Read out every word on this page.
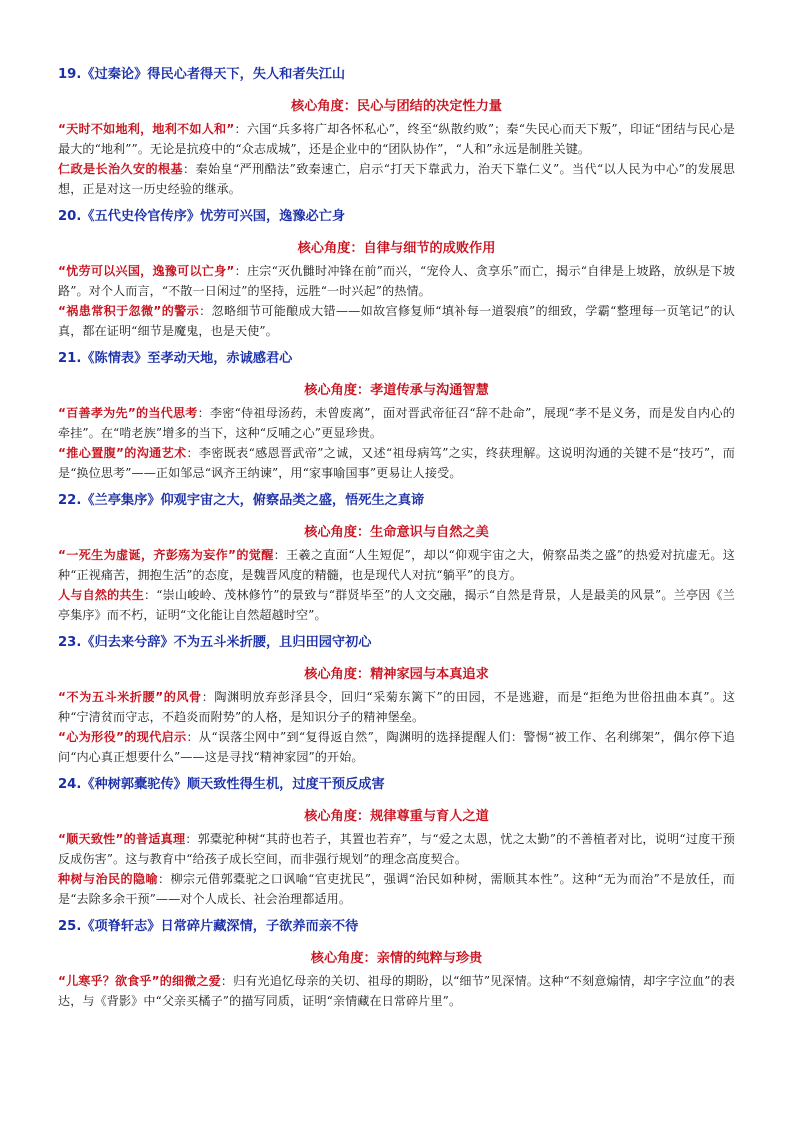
19.《过秦论》得民心者得天下，失人和者失江山
核心角度：民心与团结的决定性力量

“天时不如地利，地利不如人和”：六国“兵多将广却各怀私心”，终至“纵散约败”；秦“失民心而天下叛”，印证“团结与民心是最大的“地利””。无论是抗疫中的“众志成城”，还是企业中的“团队协作”，“人和”永远是制胜关键。

仁政是长治久安的根基：秦始皇“严刑酷法”致秦速亡，启示“打天下靠武力，治天下靠仁义”。当代“以人民为中心”的发展思想，正是对这一历史经验的继承。

20.《五代史伶官传序》忧劳可兴国，逸豫必亡身
核心角度：自律与细节的成败作用

“忧劳可以兴国，逸豫可以亡身”：庄宗“灭仇雠时冲锋在前”而兴，“宠伶人、贪享乐”而亡，揭示“自律是上坡路，放纵是下坡路”。对个人而言，“不散一日闲过”的坚持，远胜“一时兴起”的热情。

“祸患常积于忽微”的警示：忽略细节可能酿成大错——如故宫修复师“填补每一道裂痕”的细致，学霸“整理每一页笔记”的认真，都在证明“细节是魔鬼，也是天使”。

21.《陈情表》至孝动天地，赤诚感君心
核心角度：孝道传承与沟通智慧

“百善孝为先”的当代思考：李密“侍祖母汤药，未曾废离”，面对晋武帝征召“辞不赴命”，展现“孝不是义务，而是发自内心的牵挂”。在“啃老族”增多的当下，这种“反哺之心”更显珍贵。

“推心置腹”的沟通艺术：李密既表“感恩晋武帝”之诚，又述“祖母病笃”之实，终获理解。这说明沟通的关键不是“技巧”，而是“换位思考”——正如邹忌“讽齐王纳谏”，用“家事喻国事”更易让人接受。

22.《兰亭集序》仰观宇宙之大，俯察品类之盛，悟死生之真谛
核心角度：生命意识与自然之美

“一死生为虚诞，齐彭殇为妄作”的觉醒：王羲之直面“人生短促”，却以“仰观宇宙之大，俯察品类之盛”的热爱对抗虚无。这种“正视痛苦，拥抱生活”的态度，是魏晋风度的精髓，也是现代人对抗“躺平”的良方。

人与自然的共生：“崇山峻岭、茂林修竹”的景致与“群贤毕至”的人文交融，揭示“自然是背景，人是最美的风景”。兰亭因《兰亭集序》而不朽，证明“文化能让自然超越时空”。

23.《归去来兮辞》不为五斗米折腰，且归田园守初心
核心角度：精神家园与本真追求

“不为五斗米折腰”的风骨：陶渊明放弃彭泽县令，回归“采菊东篱下”的田园，不是逃避，而是“拒绝为世俗扭曲本真”。这种“宁清贫而守志，不趋炎而附势”的人格，是知识分子的精神堡垒。

“心为形役”的现代启示：从“误落尘网中”到“复得返自然”，陶渊明的选择提醒人们：警惕“被工作、名利绑架”，偶尔停下追问“内心真正想要什么”——这是寻找“精神家园”的开始。

24.《种树郭橐驼传》顺天致性得生机，过度干预反成害
核心角度：规律尊重与育人之道

“顺天致性”的普适真理：郭橐驼种树“其莳也若子，其置也若弃”，与“爱之太恩，忧之太勤”的不善植者对比，说明“过度干预反成伤害”。这与教育中“给孩子成长空间，而非强行规划”的理念高度契合。

种树与治民的隐喻：柳宗元借郭橐驼之口讽喻“官吏扰民”，强调“治民如种树，需顺其本性”。这种“无为而治”不是放任，而是“去除多余干预”——对个人成长、社会治理都适用。

25.《项脊轩志》日常碎片藏深情，子欲养而亲不待
核心角度：亲情的纯粹与珍贵

“儿寒乎？欲食乎”的细微之爱：归有光追忆母亲的关切、祖母的期盼，以“细节”见深情。这种“不刻意煽情，却字字泣血”的表达，与《背影》中“父亲买橘子”的描写同质，证明“亲情藏在日常碎片里”。
